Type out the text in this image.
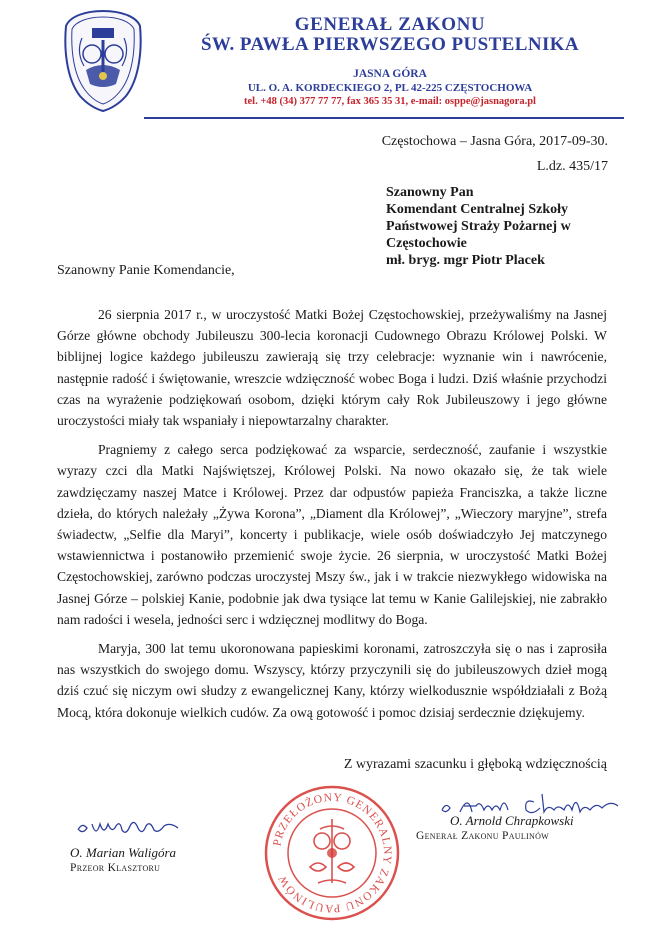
GENERAŁ ZAKONU
ŚW. PAWŁA PIERWSZEGO PUSTELNIKA
JASNA GÓRA
UL. O. A. KORDECKIEGO 2, PL 42-225 CZĘSTOCHOWA
tel. +48 (34) 377 77 77, fax 365 35 31, e-mail: osppe@jasnagora.pl
Częstochowa – Jasna Góra, 2017-09-30.
L.dz. 435/17
Szanowny Pan
Komendant Centralnej Szkoły
Państwowej Straży Pożarnej w
Częstochowie
mł. bryg. mgr Piotr Placek
Szanowny Panie Komendancie,

26 sierpnia 2017 r., w uroczystość Matki Bożej Częstochowskiej, przeżywaliśmy na Jasnej Górze główne obchody Jubileuszu 300-lecia koronacji Cudownego Obrazu Królowej Polski. W biblijnej logice każdego jubileuszu zawierają się trzy celebracje: wyznanie win i nawrócenie, następnie radość i świętowanie, wreszcie wdzięczność wobec Boga i ludzi. Dziś właśnie przychodzi czas na wyrażenie podziękowań osobom, dzięki którym cały Rok Jubileuszowy i jego główne uroczystości miały tak wspaniały i niepowtarzalny charakter.

Pragniemy z całego serca podziękować za wsparcie, serdeczność, zaufanie i wszystkie wyrazy czci dla Matki Najświętszej, Królowej Polski. Na nowo okazało się, że tak wiele zawdzięczamy naszej Matce i Królowej. Przez dar odpustów papieża Franciszka, a także liczne dzieła, do których należały „Żywa Korona”, „Diament dla Królowej”, „Wieczory maryjne”, strefa świadectw, „Selfie dla Maryi”, koncerty i publikacje, wiele osób doświadczyło Jej matczynego wstawiennictwa i postanowiło przemienić swoje życie. 26 sierpnia, w uroczystość Matki Bożej Częstochowskiej, zarówno podczas uroczystej Mszy św., jak i w trakcie niezwykłego widowiska na Jasnej Górze – polskiej Kanie, podobnie jak dwa tysiące lat temu w Kanie Galilejskiej, nie zabrakło nam radości i wesela, jedności serc i wdzięcznej modlitwy do Boga.

Maryja, 300 lat temu ukoronowana papieskimi koronami, zatroszczyła się o nas i zaprosiła nas wszystkich do swojego domu. Wszyscy, którzy przyczynili się do jubileuszowych dzieł mogą dziś czuć się niczym owi słudzy z ewangelicznej Kany, którzy wielkodusznie współdziałali z Bożą Mocą, która dokonuje wielkich cudów. Za ową gotowość i pomoc dzisiaj serdecznie dziękujemy.

Z wyrazami szacunku i głęboką wdzięcznością
O. Marian Waligóra
Przeor Klasztoru
O. Arnold Chrapkowski
Generał Zakonu Paulinów
PRZEŁOŻONY GENERALNY ZAKONU PAULINÓW
